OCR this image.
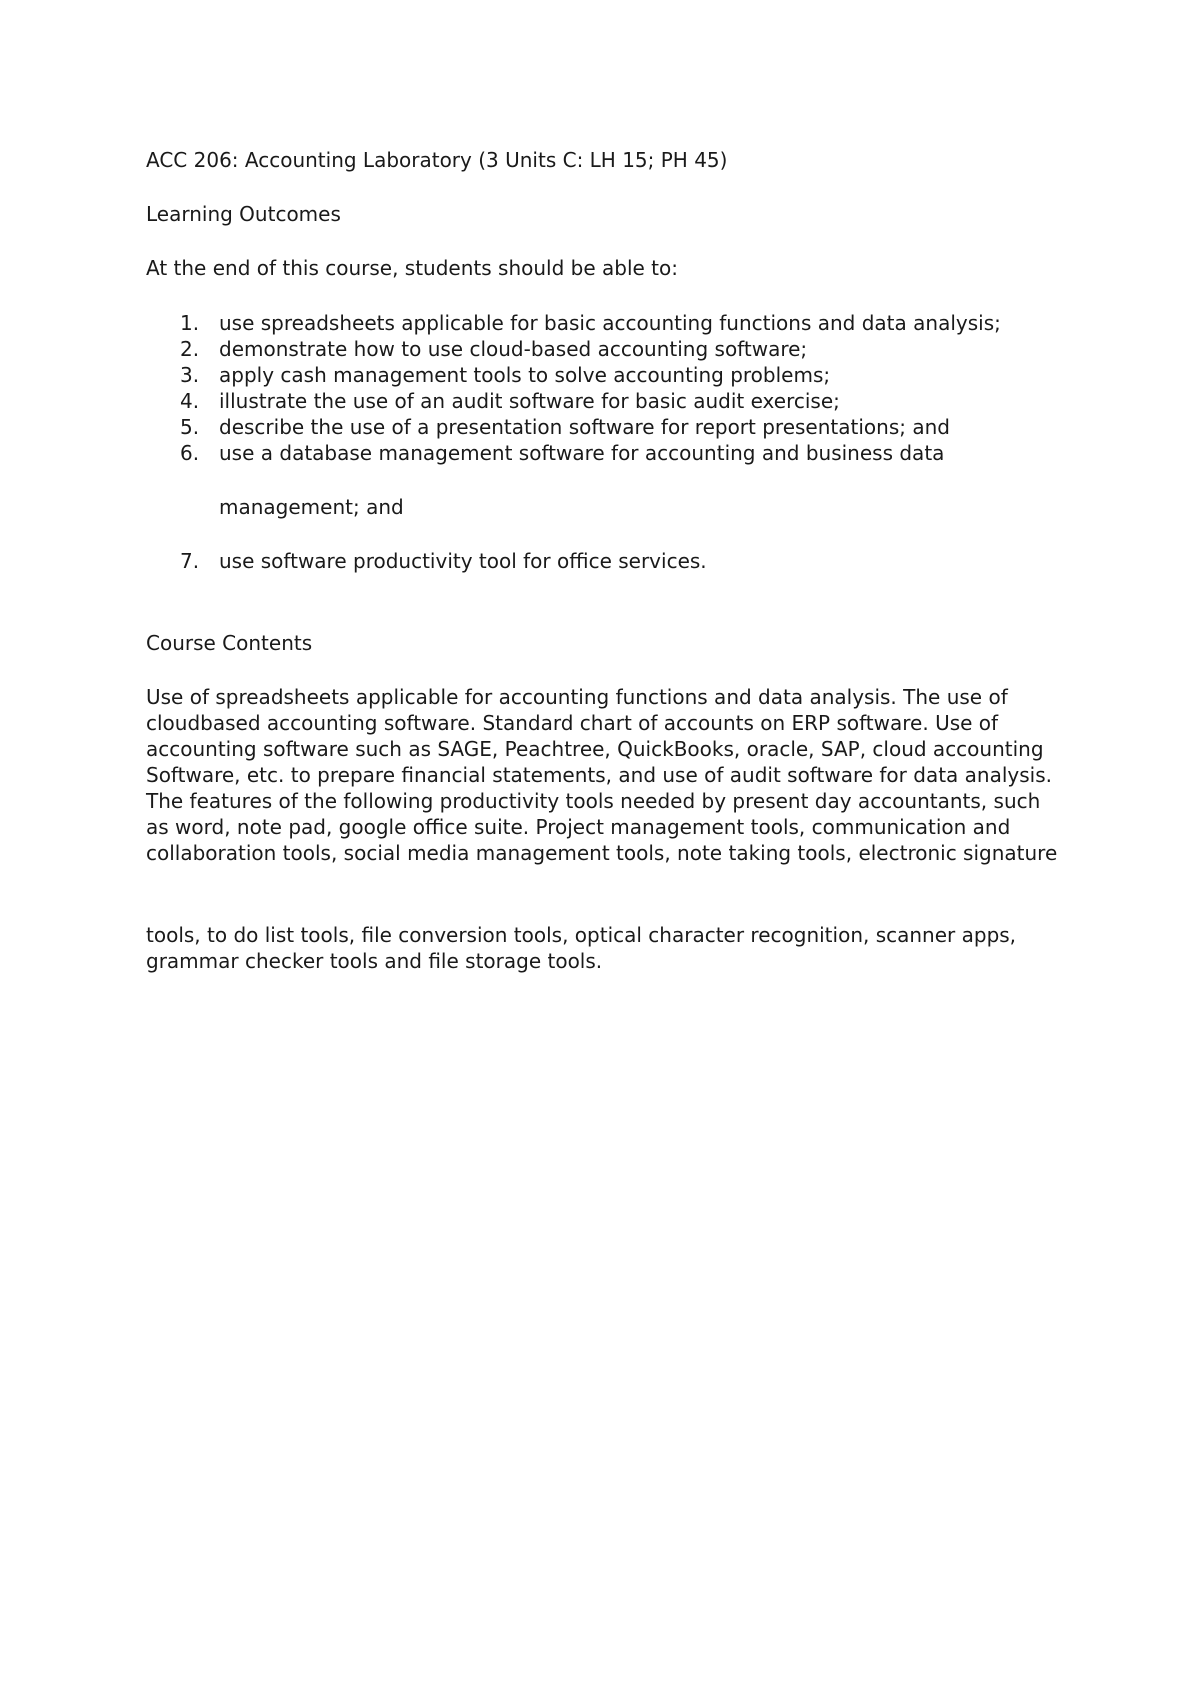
ACC 206: Accounting Laboratory (3 Units C: LH 15; PH 45)

Learning Outcomes

At the end of this course, students should be able to:

1. use spreadsheets applicable for basic accounting functions and data analysis;
2. demonstrate how to use cloud-based accounting software;
3. apply cash management tools to solve accounting problems;
4. illustrate the use of an audit software for basic audit exercise;
5. describe the use of a presentation software for report presentations; and
6. use a database management software for accounting and business data
management; and
7. use software productivity tool for office services.

Course Contents

Use of spreadsheets applicable for accounting functions and data analysis. The use of cloudbased accounting software. Standard chart of accounts on ERP software. Use of accounting software such as SAGE, Peachtree, QuickBooks, oracle, SAP, cloud accounting Software, etc. to prepare financial statements, and use of audit software for data analysis. The features of the following productivity tools needed by present day accountants, such as word, note pad, google office suite. Project management tools, communication and collaboration tools, social media management tools, note taking tools, electronic signature

tools, to do list tools, file conversion tools, optical character recognition, scanner apps, grammar checker tools and file storage tools.
